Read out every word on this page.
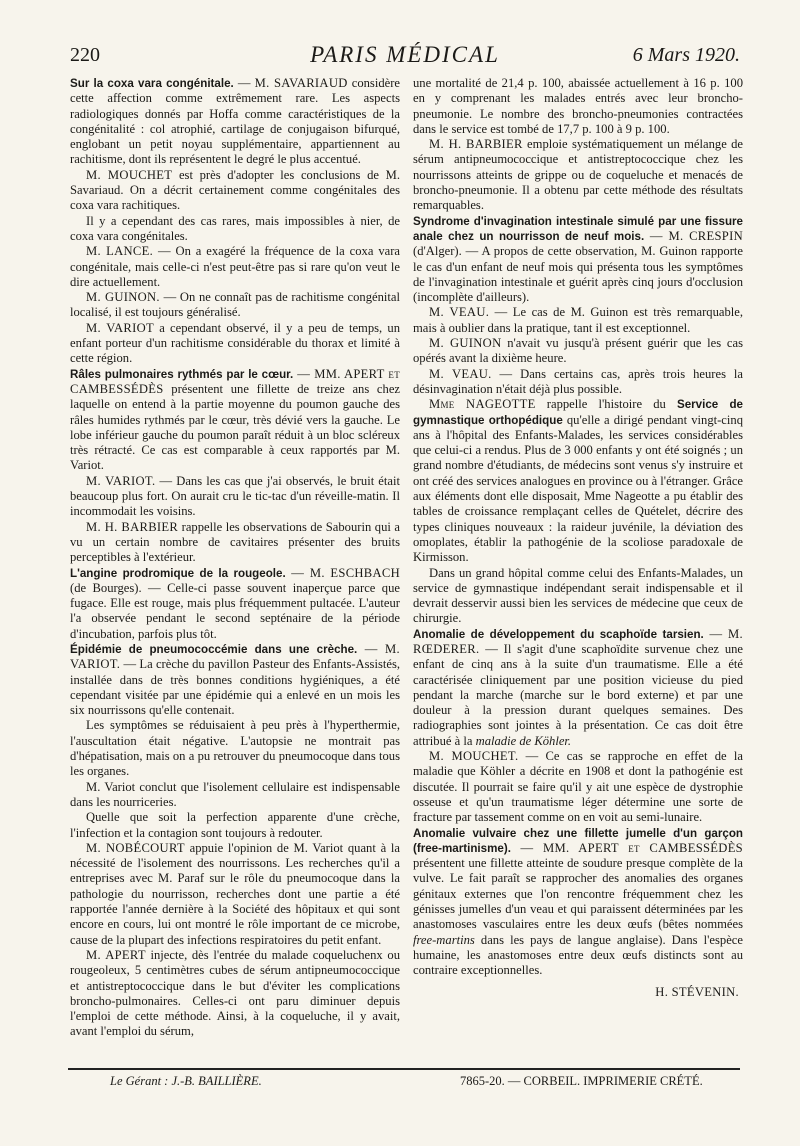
220	PARIS MÉDICAL	6 Mars 1920.

Sur la coxa vara congénitale. — M. SAVARIAUD considère cette affection comme extrêmement rare. Les aspects radiologiques donnés par Hoffa comme caractéristiques de la congénitalité : col atrophié, cartilage de conjugaison bifurqué, englobant un petit noyau supplémentaire, appartiennent au rachitisme, dont ils représentent le degré le plus accentué.

M. MOUCHET est près d'adopter les conclusions de M. Savariaud. On a décrit certainement comme congénitales des coxa vara rachitiques.

Il y a cependant des cas rares, mais impossibles à nier, de coxa vara congénitales.

M. LANCE. — On a exagéré la fréquence de la coxa vara congénitale, mais celle-ci n'est peut-être pas si rare qu'on veut le dire actuellement.

M. GUINON. — On ne connaît pas de rachitisme congénital localisé, il est toujours généralisé.

M. VARIOT a cependant observé, il y a peu de temps, un enfant porteur d'un rachitisme considérable du thorax et limité à cette région.

Râles pulmonaires rythmés par le cœur. — MM. APERT et CAMBESSÉDÈS présentent une fillette de treize ans chez laquelle on entend à la partie moyenne du poumon gauche des râles humides rythmés par le cœur, très dévié vers la gauche. Le lobe inférieur gauche du poumon paraît réduit à un bloc scléreux très rétracté. Ce cas est comparable à ceux rapportés par M. Variot.

M. VARIOT. — Dans les cas que j'ai observés, le bruit était beaucoup plus fort. On aurait cru le tic-tac d'un réveille-matin. Il incommodait les voisins.

M. H. BARBIER rappelle les observations de Sabourin qui a vu un certain nombre de cavitaires présenter des bruits perceptibles à l'extérieur.

L'angine prodromique de la rougeole. — M. ESCHBACH (de Bourges). — Celle-ci passe souvent inaperçue parce que fugace. Elle est rouge, mais plus fréquemment pultacée. L'auteur l'a observée pendant le second septénaire de la période d'incubation, parfois plus tôt.

Épidémie de pneumococcémie dans une crèche. — M. VARIOT. — La crèche du pavillon Pasteur des Enfants-Assistés, installée dans de très bonnes conditions hygiéniques, a été cependant visitée par une épidémie qui a enlevé en un mois les six nourrissons qu'elle contenait.

Les symptômes se réduisaient à peu près à l'hyperthermie, l'auscultation était négative. L'autopsie ne montrait pas d'hépatisation, mais on a pu retrouver du pneumocoque dans tous les organes.

M. Variot conclut que l'isolement cellulaire est indispensable dans les nourriceries.

Quelle que soit la perfection apparente d'une crèche, l'infection et la contagion sont toujours à redouter.

M. NOBÉCOURT appuie l'opinion de M. Variot quant à la nécessité de l'isolement des nourrissons. Les recherches qu'il a entreprises avec M. Paraf sur le rôle du pneumocoque dans la pathologie du nourrisson, recherches dont une partie a été rapportée l'année dernière à la Société des hôpitaux et qui sont encore en cours, lui ont montré le rôle important de ce microbe, cause de la plupart des infections respiratoires du petit enfant.

M. APERT injecte, dès l'entrée du malade coqueluchenx ou rougeoleux, 5 centimètres cubes de sérum antipneumococcique et antistreptococcique dans le but d'éviter les complications broncho-pulmonaires. Celles-ci ont paru diminuer depuis l'emploi de cette méthode. Ainsi, à la coqueluche, il y avait, avant l'emploi du sérum,

une mortalité de 21,4 p. 100, abaissée actuellement à 16 p. 100 en y comprenant les malades entrés avec leur broncho-pneumonie. Le nombre des broncho-pneumonies contractées dans le service est tombé de 17,7 p. 100 à 9 p. 100.

M. H. BARBIER emploie systématiquement un mélange de sérum antipneumococcique et antistreptococcique chez les nourrissons atteints de grippe ou de coqueluche et menacés de broncho-pneumonie. Il a obtenu par cette méthode des résultats remarquables.

Syndrome d'invagination intestinale simulé par une fissure anale chez un nourrisson de neuf mois. — M. CRESPIN (d'Alger). — A propos de cette observation, M. Guinon rapporte le cas d'un enfant de neuf mois qui présenta tous les symptômes de l'invagination intestinale et guérit après cinq jours d'occlusion (incomplète d'ailleurs).

M. VEAU. — Le cas de M. Guinon est très remarquable, mais à oublier dans la pratique, tant il est exceptionnel.

M. GUINON n'avait vu jusqu'à présent guérir que les cas opérés avant la dixième heure.

M. VEAU. — Dans certains cas, après trois heures la désinvagination n'était déjà plus possible.

Mme NAGEOTTE rappelle l'histoire du Service de gymnastique orthopédique qu'elle a dirigé pendant vingt-cinq ans à l'hôpital des Enfants-Malades, les services considérables que celui-ci a rendus. Plus de 3 000 enfants y ont été soignés ; un grand nombre d'étudiants, de médecins sont venus s'y instruire et ont créé des services analogues en province ou à l'étranger. Grâce aux éléments dont elle disposait, Mme Nageotte a pu établir des tables de croissance remplaçant celles de Quételet, décrire des types cliniques nouveaux : la raideur juvénile, la déviation des omoplates, établir la pathogénie de la scoliose paradoxale de Kirmisson.

Dans un grand hôpital comme celui des Enfants-Malades, un service de gymnastique indépendant serait indispensable et il devrait desservir aussi bien les services de médecine que ceux de chirurgie.

Anomalie de développement du scaphoïde tarsien. — M. RŒDERER. — Il s'agit d'une scaphoïdite survenue chez une enfant de cinq ans à la suite d'un traumatisme. Elle a été caractérisée cliniquement par une position vicieuse du pied pendant la marche (marche sur le bord externe) et par une douleur à la pression durant quelques semaines. Des radiographies sont jointes à la présentation. Ce cas doit être attribué à la maladie de Köhler.

M. MOUCHET. — Ce cas se rapproche en effet de la maladie que Köhler a décrite en 1908 et dont la pathogénie est discutée. Il pourrait se faire qu'il y ait une espèce de dystrophie osseuse et qu'un traumatisme léger détermine une sorte de fracture par tassement comme on en voit au semi-lunaire.

Anomalie vulvaire chez une fillette jumelle d'un garçon (free-martinisme). — MM. APERT et CAMBESSÉDÈS présentent une fillette atteinte de soudure presque complète de la vulve. Le fait paraît se rapprocher des anomalies des organes génitaux externes que l'on rencontre fréquemment chez les génisses jumelles d'un veau et qui paraissent déterminées par les anastomoses vasculaires entre les deux œufs (bêtes nommées free-martins dans les pays de langue anglaise). Dans l'espèce humaine, les anastomoses entre deux œufs distincts sont au contraire exceptionnelles.

H. STÉVENIN.

Le Gérant : J.-B. BAILLIÈRE.	7865-20. — CORBEIL. IMPRIMERIE CRÉTÉ.
